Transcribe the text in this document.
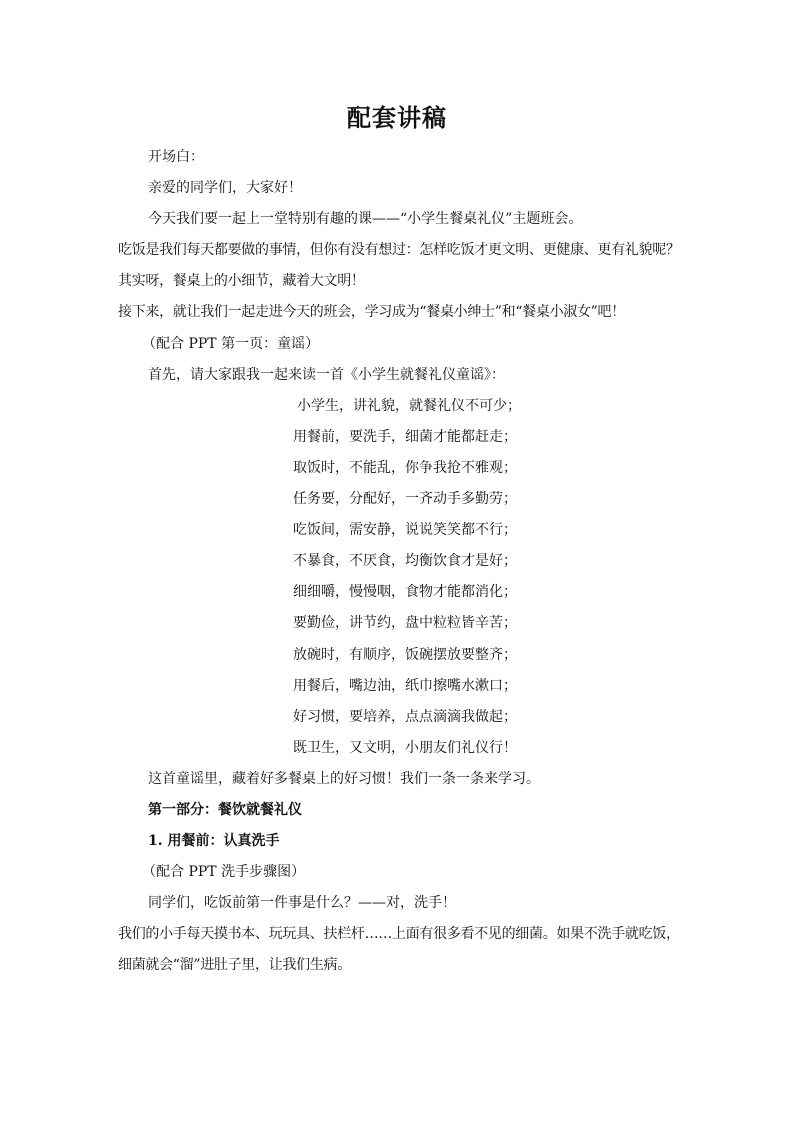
配套讲稿
开场白：
亲爱的同学们，大家好！
今天我们要一起上一堂特别有趣的课——“小学生餐桌礼仪”主题班会。
吃饭是我们每天都要做的事情，但你有没有想过：怎样吃饭才更文明、更健康、更有礼貌呢？
其实呀，餐桌上的小细节，藏着大文明！
接下来，就让我们一起走进今天的班会，学习成为“餐桌小绅士”和“餐桌小淑女”吧！
（配合 PPT 第一页：童谣）
首先，请大家跟我一起来读一首《小学生就餐礼仪童谣》：
小学生，讲礼貌，就餐礼仪不可少；
用餐前，要洗手，细菌才能都赶走；
取饭时，不能乱，你争我抢不雅观；
任务要，分配好，一齐动手多勤劳；
吃饭间，需安静，说说笑笑都不行；
不暴食，不厌食，均衡饮食才是好；
细细嚼，慢慢咽，食物才能都消化；
要勤俭，讲节约，盘中粒粒皆辛苦；
放碗时，有顺序，饭碗摆放要整齐；
用餐后，嘴边油，纸巾擦嘴水漱口；
好习惯，要培养，点点滴滴我做起；
既卫生，又文明，小朋友们礼仪行！
这首童谣里，藏着好多餐桌上的好习惯！我们一条一条来学习。
第一部分：餐饮就餐礼仪
1. 用餐前：认真洗手
（配合 PPT 洗手步骤图）
同学们，吃饭前第一件事是什么？——对，洗手！
我们的小手每天摸书本、玩玩具、扶栏杆……上面有很多看不见的细菌。如果不洗手就吃饭，
细菌就会“溜”进肚子里，让我们生病。
